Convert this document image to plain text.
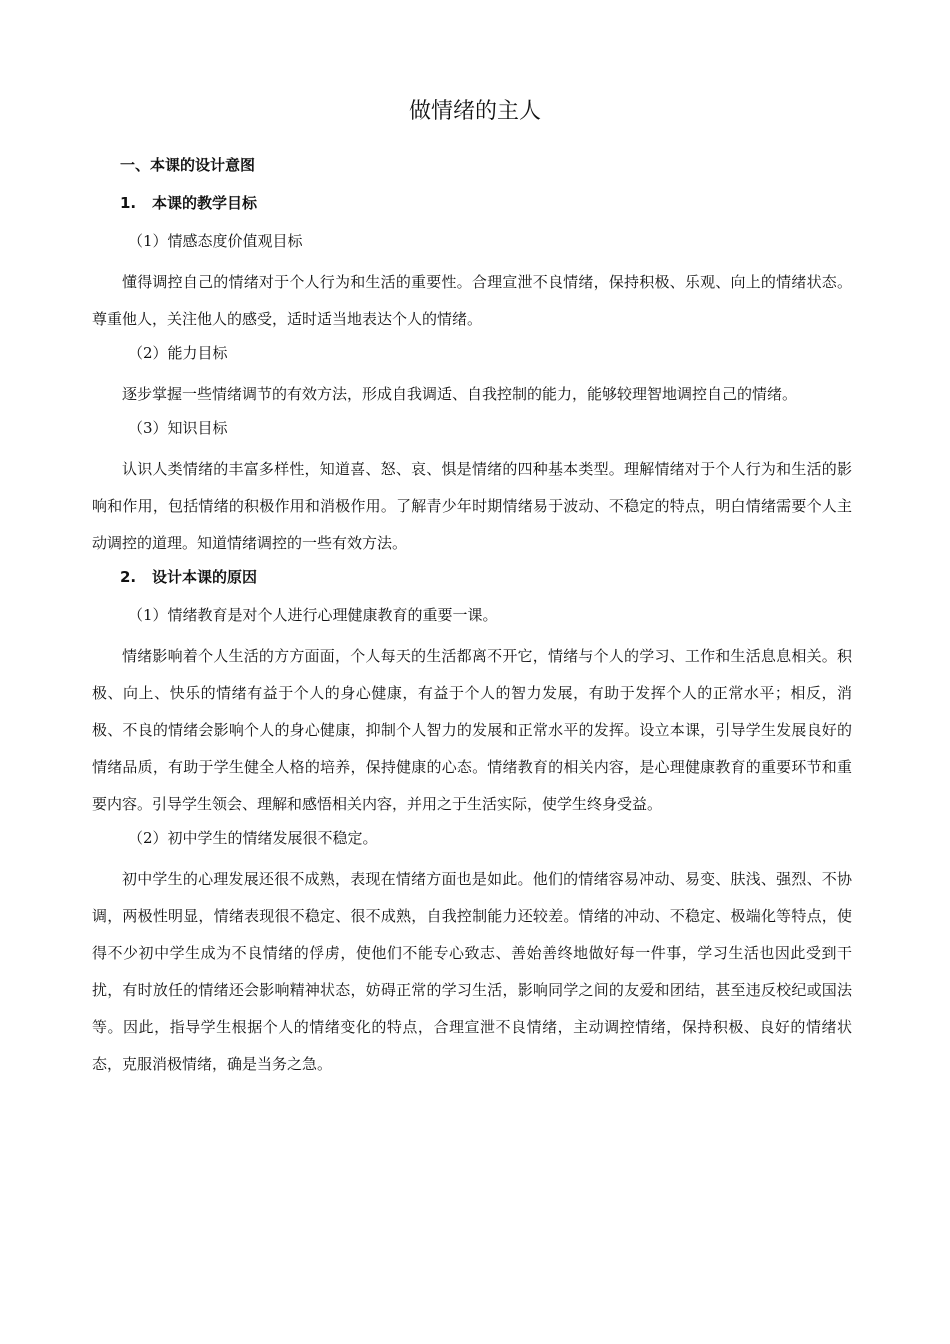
做情绪的主人

一、本课的设计意图

1. 本课的教学目标

（1）情感态度价值观目标

懂得调控自己的情绪对于个人行为和生活的重要性。合理宣泄不良情绪，保持积极、乐观、向上的情绪状态。尊重他人，关注他人的感受，适时适当地表达个人的情绪。

（2）能力目标

逐步掌握一些情绪调节的有效方法，形成自我调适、自我控制的能力，能够较理智地调控自己的情绪。

（3）知识目标

认识人类情绪的丰富多样性，知道喜、怒、哀、惧是情绪的四种基本类型。理解情绪对于个人行为和生活的影响和作用，包括情绪的积极作用和消极作用。了解青少年时期情绪易于波动、不稳定的特点，明白情绪需要个人主动调控的道理。知道情绪调控的一些有效方法。

2. 设计本课的原因

（1）情绪教育是对个人进行心理健康教育的重要一课。

情绪影响着个人生活的方方面面，个人每天的生活都离不开它，情绪与个人的学习、工作和生活息息相关。积极、向上、快乐的情绪有益于个人的身心健康，有益于个人的智力发展，有助于发挥个人的正常水平；相反，消极、不良的情绪会影响个人的身心健康，抑制个人智力的发展和正常水平的发挥。设立本课，引导学生发展良好的情绪品质，有助于学生健全人格的培养，保持健康的心态。情绪教育的相关内容，是心理健康教育的重要环节和重要内容。引导学生领会、理解和感悟相关内容，并用之于生活实际，使学生终身受益。

（2）初中学生的情绪发展很不稳定。

初中学生的心理发展还很不成熟，表现在情绪方面也是如此。他们的情绪容易冲动、易变、肤浅、强烈、不协调，两极性明显，情绪表现很不稳定、很不成熟，自我控制能力还较差。情绪的冲动、不稳定、极端化等特点，使得不少初中学生成为不良情绪的俘虏，使他们不能专心致志、善始善终地做好每一件事，学习生活也因此受到干扰，有时放任的情绪还会影响精神状态，妨碍正常的学习生活，影响同学之间的友爱和团结，甚至违反校纪或国法等。因此，指导学生根据个人的情绪变化的特点，合理宣泄不良情绪，主动调控情绪，保持积极、良好的情绪状态，克服消极情绪，确是当务之急。
